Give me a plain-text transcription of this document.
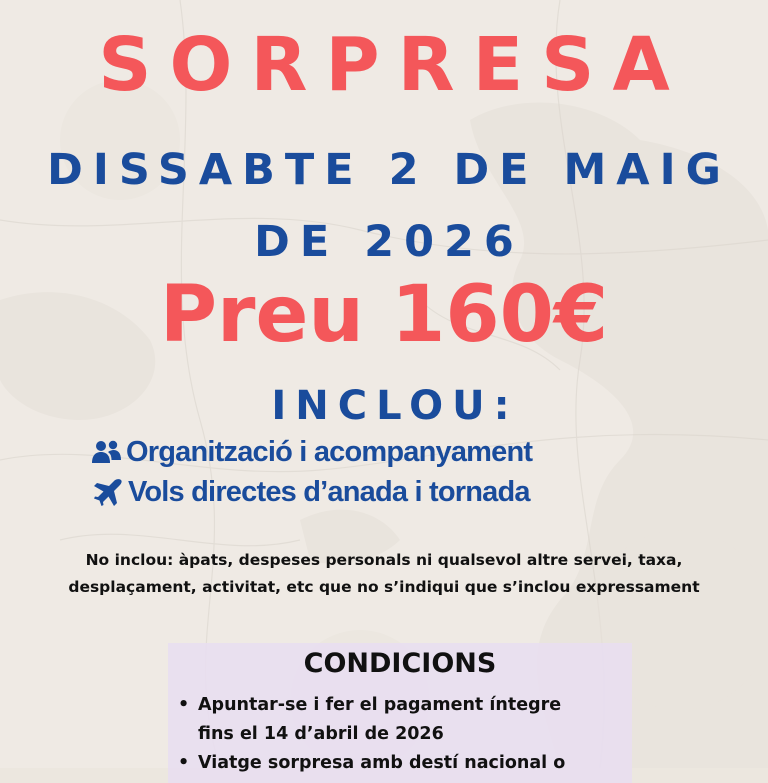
SORPRESA
DISSABTE 2 DE MAIG
DE 2026
Preu 160€
INCLOU:
Organització i acompanyament
Vols directes d’anada i tornada
No inclou: àpats, despeses personals ni qualsevol altre servei, taxa,
desplaçament, activitat, etc que no s’indiqui que s’inclou expressament
CONDICIONS
• Apuntar-se i fer el pagament íntegre
fins el 14 d’abril de 2026
• Viatge sorpresa amb destí nacional o
